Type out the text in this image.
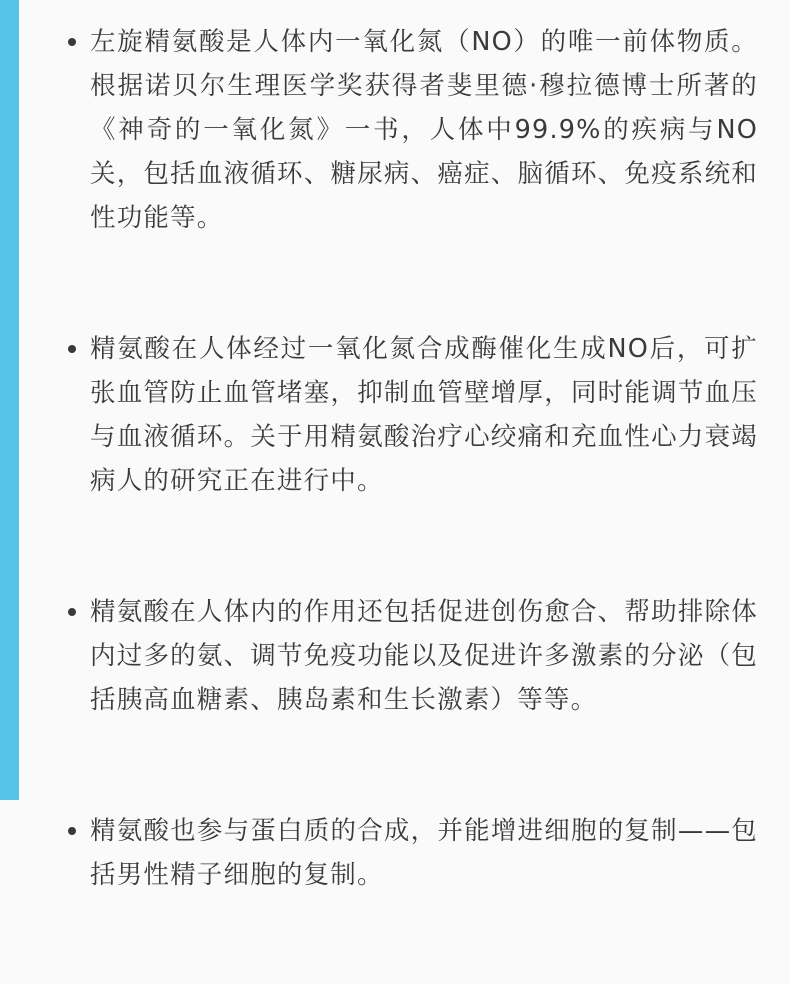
左旋精氨酸是人体内一氧化氮（NO）的唯一前体物质。根据诺贝尔生理医学奖获得者斐里德·穆拉德博士所著的《神奇的一氧化氮》一书，人体中99.9%的疾病与NO关，包括血液循环、糖尿病、癌症、脑循环、免疫系统和性功能等。

精氨酸在人体经过一氧化氮合成酶催化生成NO后，可扩张血管防止血管堵塞，抑制血管壁增厚，同时能调节血压与血液循环。关于用精氨酸治疗心绞痛和充血性心力衰竭病人的研究正在进行中。

精氨酸在人体内的作用还包括促进创伤愈合、帮助排除体内过多的氨、调节免疫功能以及促进许多激素的分泌（包括胰高血糖素、胰岛素和生长激素）等等。

精氨酸也参与蛋白质的合成，并能增进细胞的复制——包括男性精子细胞的复制。
